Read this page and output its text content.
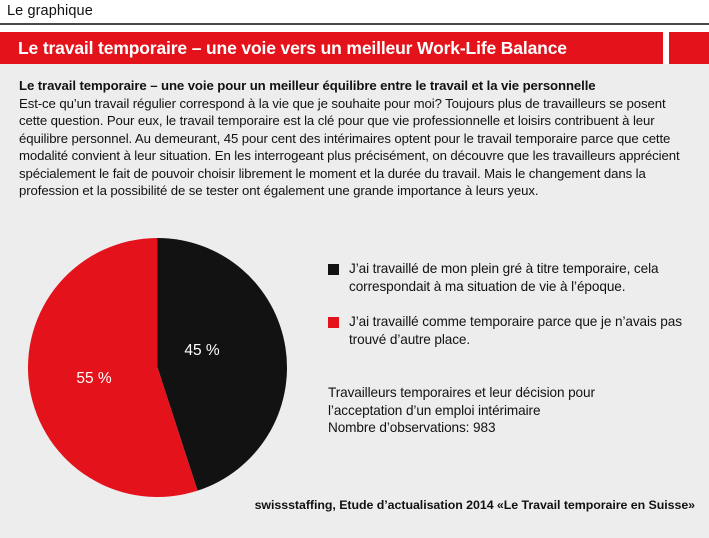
Le graphique
Le travail temporaire – une voie vers un meilleur Work-Life Balance
Le travail temporaire – une voie pour un meilleur équilibre entre le travail et la vie personnelle
Est-ce qu’un travail régulier correspond à la vie que je souhaite pour moi? Toujours plus de travailleurs se posent cette question. Pour eux, le travail temporaire est la clé pour que vie professionnelle et loisirs contribuent à leur équilibre personnel. Au demeurant, 45 pour cent des intérimaires optent pour le travail temporaire parce que cette modalité convient à leur situation. En les interrogeant plus précisément, on découvre que les travailleurs apprécient spécialement le fait de pouvoir choisir librement le moment et la durée du travail. Mais le changement dans la profession et la possibilité de se tester ont également une grande importance à leurs yeux.
45 %
55 %
J’ai travaillé de mon plein gré à titre temporaire, cela correspondait à ma situation de vie à l’époque.
J’ai travaillé comme temporaire parce que je n’avais pas trouvé d’autre place.
Travailleurs temporaires et leur décision pour
l’acceptation d’un emploi intérimaire
Nombre d’observations: 983
swissstaffing, Etude d’actualisation 2014 «Le Travail temporaire en Suisse»
